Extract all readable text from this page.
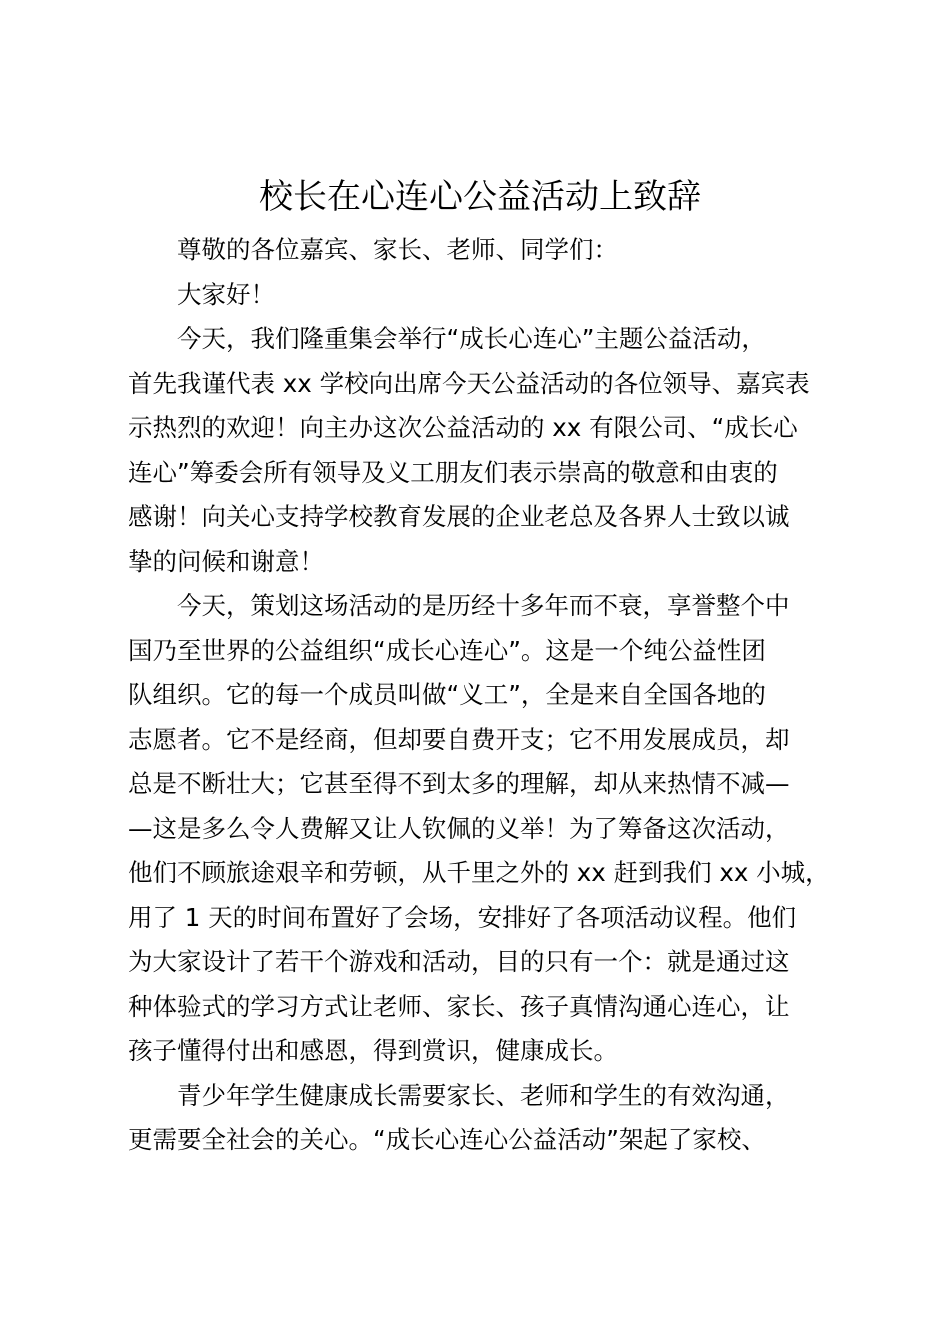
校长在心连心公益活动上致辞

尊敬的各位嘉宾、家长、老师、同学们：

大家好！

今天，我们隆重集会举行“成长心连心”主题公益活动，
首先我谨代表 xx 学校向出席今天公益活动的各位领导、嘉宾表
示热烈的欢迎！向主办这次公益活动的 xx 有限公司、“成长心
连心”筹委会所有领导及义工朋友们表示崇高的敬意和由衷的
感谢！向关心支持学校教育发展的企业老总及各界人士致以诚
挚的问候和谢意！

今天，策划这场活动的是历经十多年而不衰，享誉整个中
国乃至世界的公益组织“成长心连心”。这是一个纯公益性团
队组织。它的每一个成员叫做“义工”，全是来自全国各地的
志愿者。它不是经商，但却要自费开支；它不用发展成员，却
总是不断壮大；它甚至得不到太多的理解，却从来热情不减—
—这是多么令人费解又让人钦佩的义举！为了筹备这次活动，
他们不顾旅途艰辛和劳顿，从千里之外的 xx 赶到我们 xx 小城，
用了 1 天的时间布置好了会场，安排好了各项活动议程。他们
为大家设计了若干个游戏和活动，目的只有一个：就是通过这
种体验式的学习方式让老师、家长、孩子真情沟通心连心，让
孩子懂得付出和感恩，得到赏识，健康成长。

青少年学生健康成长需要家长、老师和学生的有效沟通，
更需要全社会的关心。“成长心连心公益活动”架起了家校、
